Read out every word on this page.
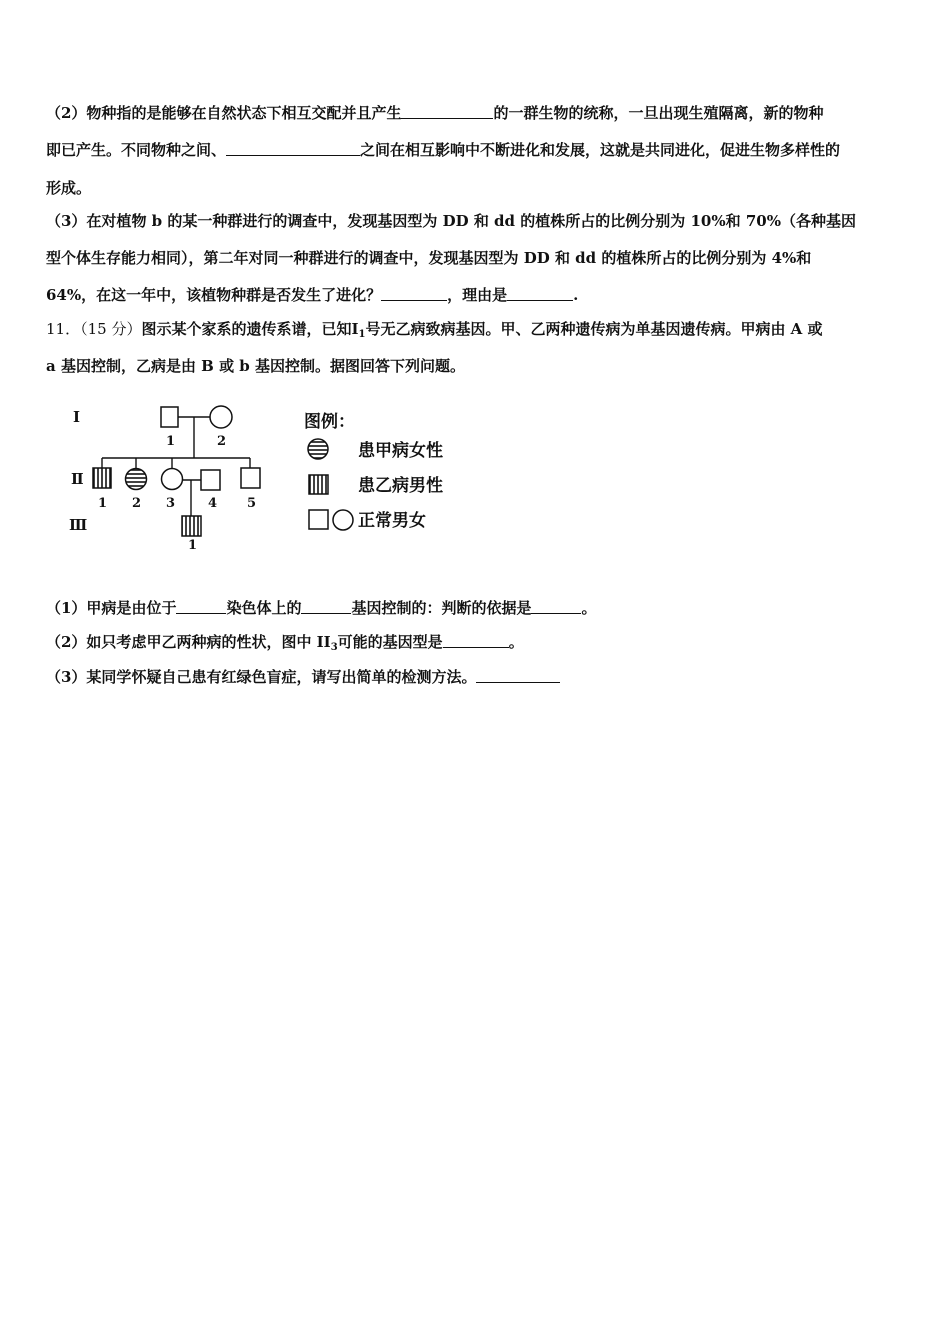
（2）物种指的是能够在自然状态下相互交配并且产生	的一群生物的统称，一旦出现生殖隔离，新的物种
即已产生。不同物种之间、	之间在相互影响中不断进化和发展，这就是共同进化，促进生物多样性的
形成。
（3）在对植物 b 的某一种群进行的调查中，发现基因型为 DD 和 dd 的植株所占的比例分别为 10%和 70%（各种基因
型个体生存能力相同），第二年对同一种群进行的调查中，发现基因型为 DD 和 dd 的植株所占的比例分别为 4%和
64%，在这一年中，该植物种群是否发生了进化？	，理由是	.
11．（15 分）图示某个家系的遗传系谱，已知$Ⅰ_1$号无乙病致病基因。甲、乙两种遗传病为单基因遗传病。甲病由 A 或
a 基因控制，乙病是由 B 或 b 基因控制。据图回答下列问题。
Ⅰ
Ⅱ
Ⅲ
1	2
1 2 3	4 5
1
图例：
患甲病女性
患乙病男性
正常男女
（1）甲病是由位于	染色体上的	基因控制的：判断的依据是	。
（2）如只考虑甲乙两种病的性状，图中 $II_3$可能的基因型是	。
（3）某同学怀疑自己患有红绿色盲症，请写出简单的检测方法。
